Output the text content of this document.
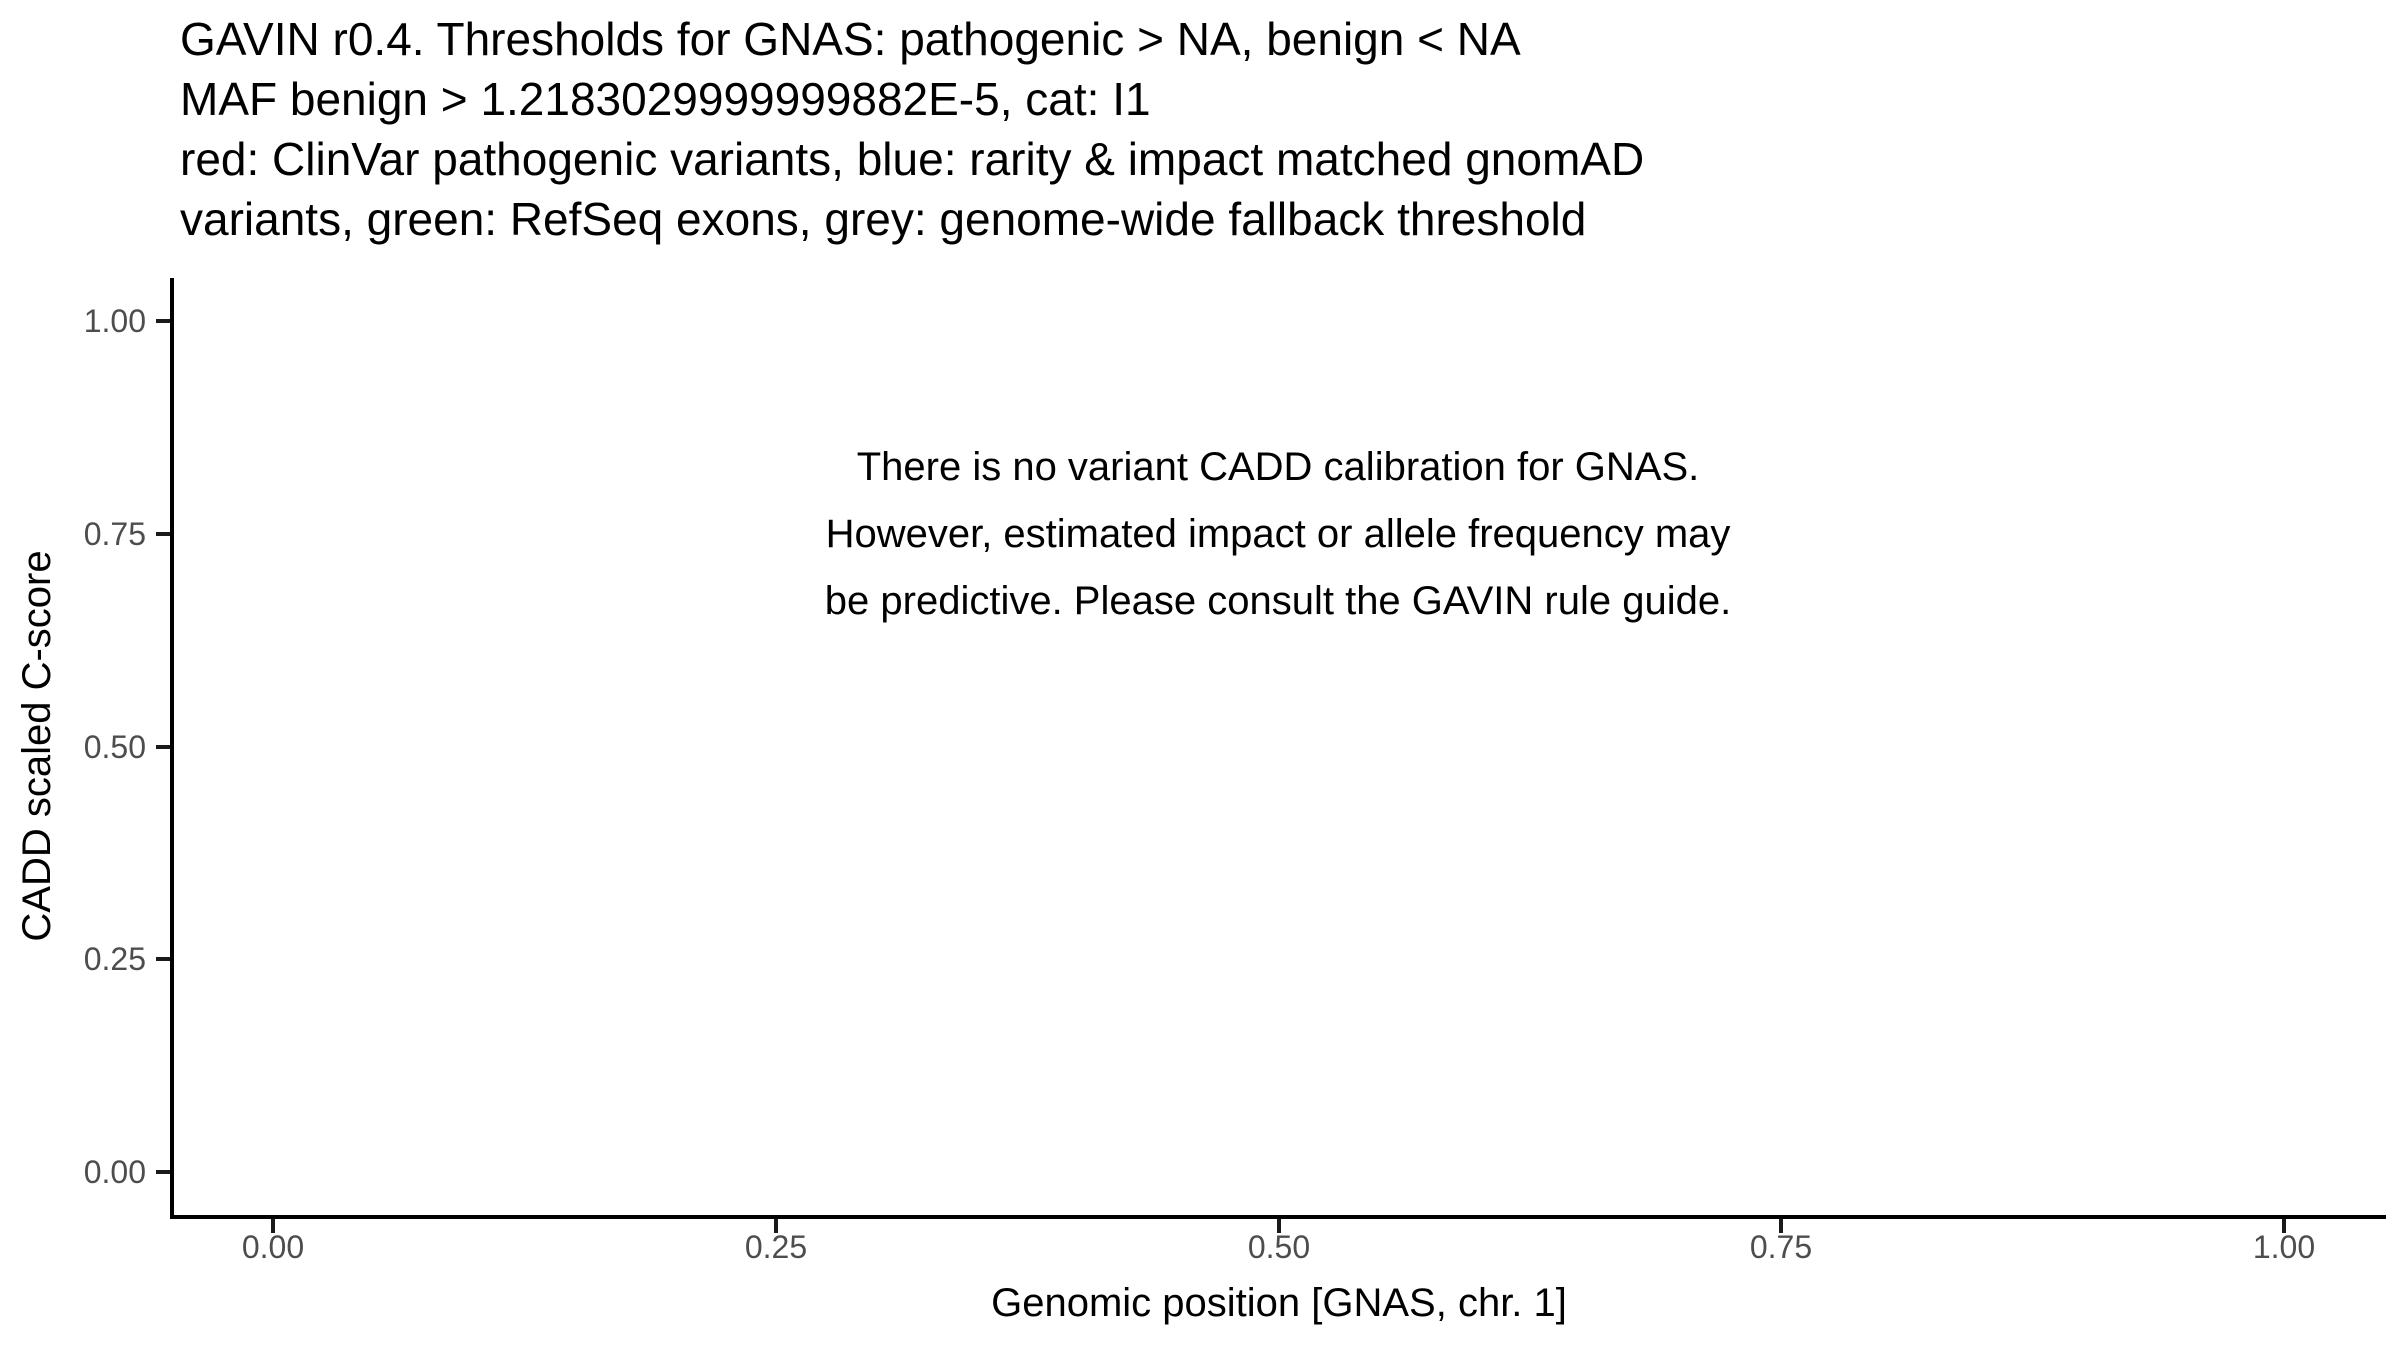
GAVIN r0.4. Thresholds for GNAS: pathogenic > NA, benign < NA
MAF benign > 1.2183029999999882E-5, cat: I1
red: ClinVar pathogenic variants, blue: rarity & impact matched gnomAD
variants, green: RefSeq exons, grey: genome-wide fallback threshold
1.00
0.75
0.50
0.25
0.00
0.00	0.25	0.50	0.75	1.00
Genomic position [GNAS, chr. 1]
CADD scaled C-score
There is no variant CADD calibration for GNAS.
However, estimated impact or allele frequency may
be predictive. Please consult the GAVIN rule guide.
